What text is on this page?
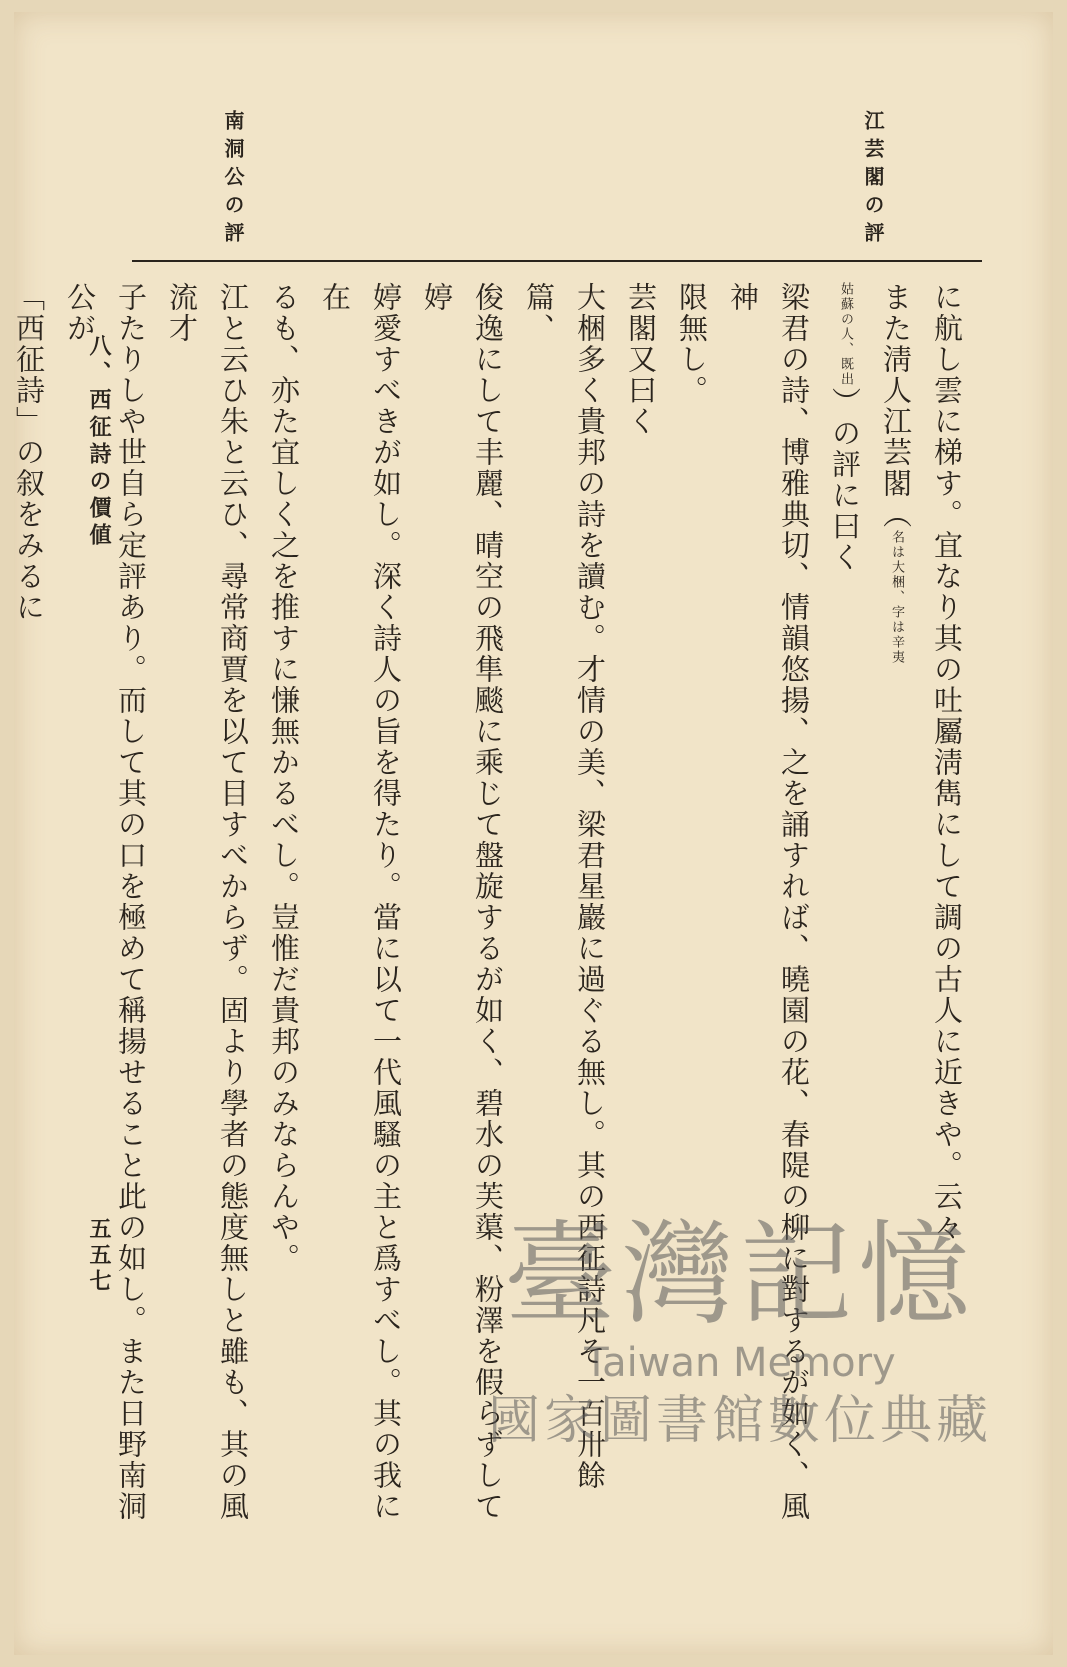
江芸閣の評
南洞公の評
に航し雲に梯す。宜なり其の吐屬淸雋にして調の古人に近きや。云々
また淸人江芸閣（名は大梱、字は辛夷
姑蘇の人、既出）の評に曰く
梁君の詩、博雅典切、情韻悠揚、之を誦すれば、曉園の花、春隄の柳に對するが如く、風神
限無し。
芸閣又曰く
大梱多く貴邦の詩を讀む。才情の美、梁君星巖に過ぐる無し。其の西征詩凡そ一百卅餘篇、
俊逸にして丰麗、晴空の飛隼颷に乘じて盤旋するが如く、碧水の芙蕖、粉澤を假らずして婷
婷愛すべきが如し。深く詩人の旨を得たり。當に以て一代風騷の主と爲すべし。其の我に在
るも、亦た宜しく之を推すに慊無かるべし。豈惟だ貴邦のみならんや。
江と云ひ朱と云ひ、尋常商賈を以て目すべからず。固より學者の態度無しと雖も、其の風流才
子たりしや世自ら定評あり。而して其の口を極めて稱揚せること此の如し。また日野南洞公が
「西征詩」の叙をみるに	八、西征詩の價値
五五七	臺灣記憶
Taiwan Memory
國家圖書館數位典藏
